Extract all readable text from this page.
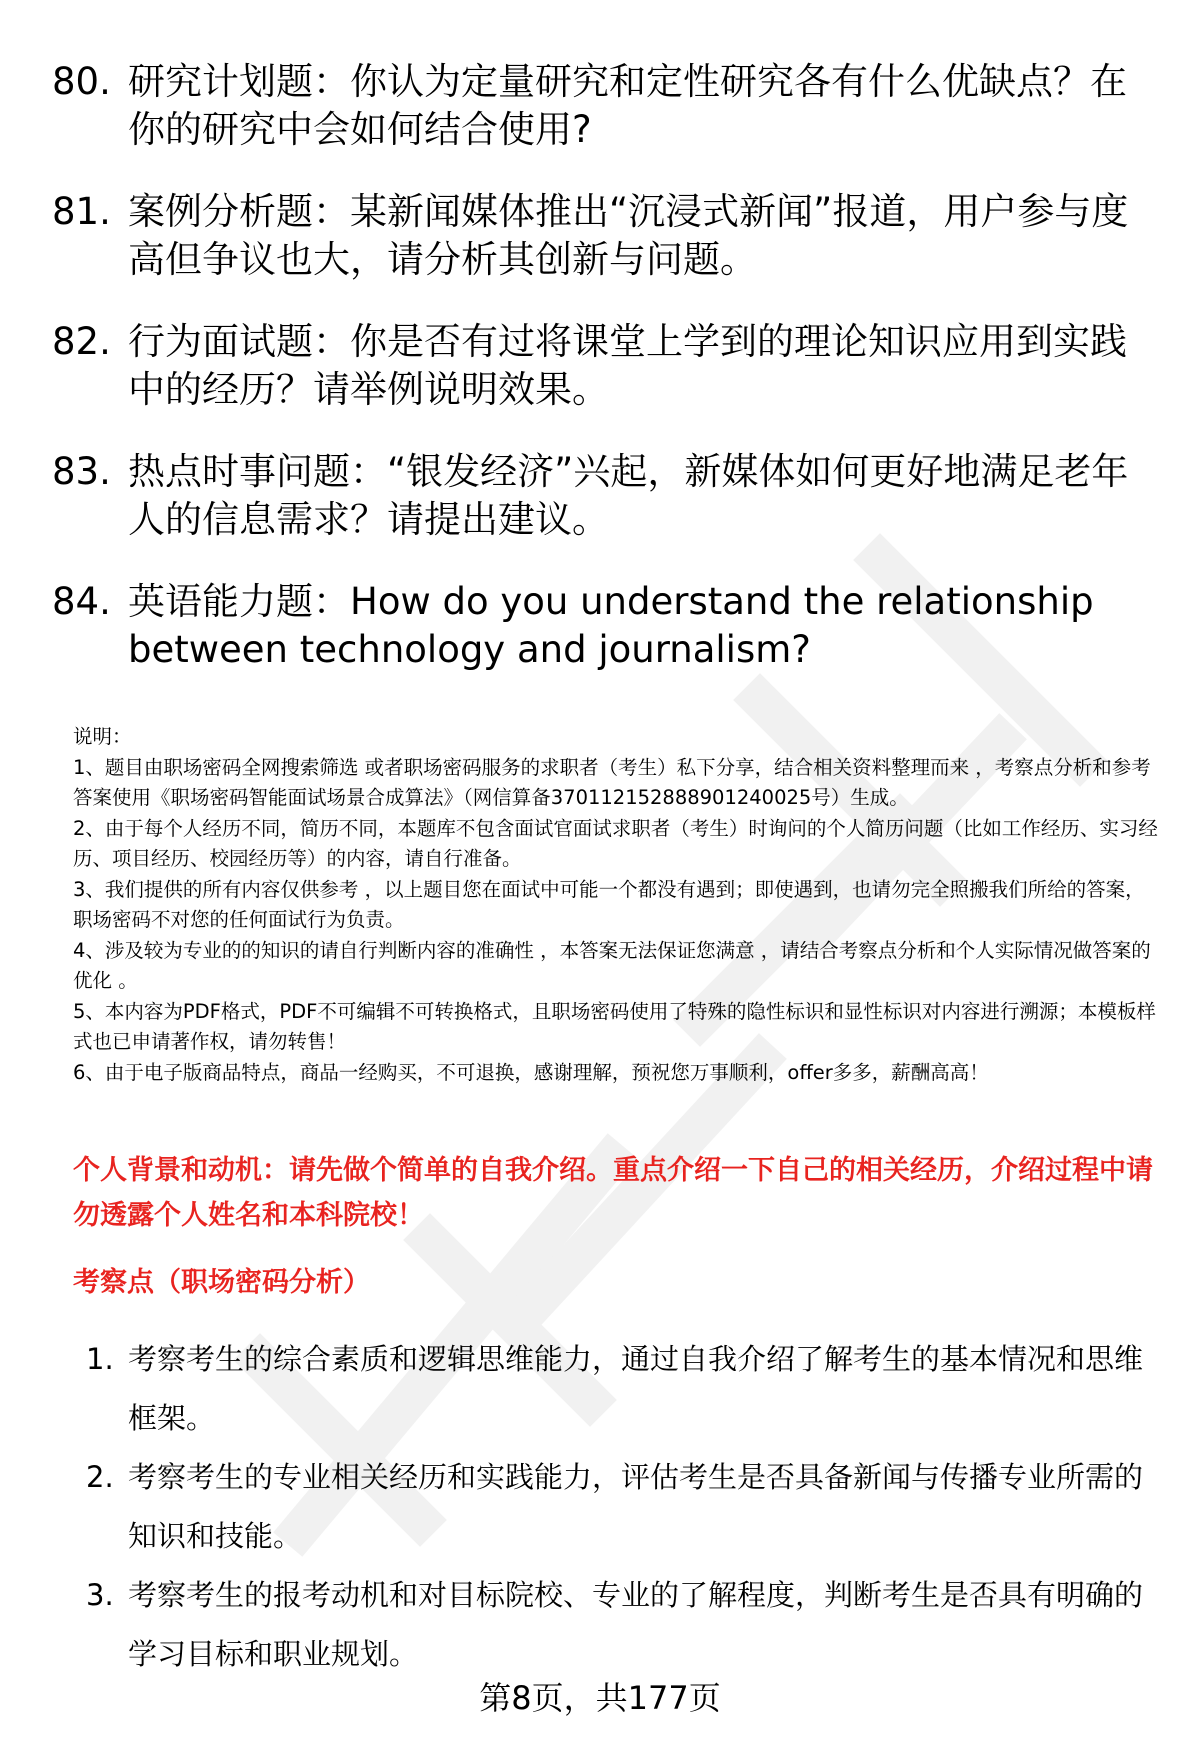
80. 研究计划题：你认为定量研究和定性研究各有什么优缺点？在你的研究中会如何结合使用?
81. 案例分析题：某新闻媒体推出“沉浸式新闻”报道，用户参与度高但争议也大，请分析其创新与问题。
82. 行为面试题：你是否有过将课堂上学到的理论知识应用到实践中的经历？请举例说明效果。
83. 热点时事问题：“银发经济”兴起，新媒体如何更好地满足老年人的信息需求？请提出建议。
84. 英语能力题：How do you understand the relationship between technology and journalism?

说明：

1、题目由职场密码全网搜索筛选 或者职场密码服务的求职者（考生）私下分享，结合相关资料整理而来 ，考察点分析和参考答案使用《职场密码智能面试场景合成算法》（网信算备370112152888901240025号）生成。

2、由于每个人经历不同，简历不同，本题库不包含面试官面试求职者（考生）时询问的个人简历问题（比如工作经历、实习经历、项目经历、校园经历等）的内容，请自行准备。

3、我们提供的所有内容仅供参考 ，以上题目您在面试中可能一个都没有遇到；即使遇到，也请勿完全照搬我们所给的答案，职场密码不对您的任何面试行为负责。

4、涉及较为专业的的知识的请自行判断内容的准确性 ，本答案无法保证您满意 ，请结合考察点分析和个人实际情况做答案的优化 。

5、本内容为PDF格式，PDF不可编辑不可转换格式，且职场密码使用了特殊的隐性标识和显性标识对内容进行溯源；本模板样式也已申请著作权，请勿转售！

6、由于电子版商品特点，商品一经购买，不可退换，感谢理解，预祝您万事顺利，offer多多，薪酬高高！

个人背景和动机：请先做个简单的自我介绍。重点介绍一下自己的相关经历，介绍过程中请勿透露个人姓名和本科院校！
考察点（职场密码分析）
1. 考察考生的综合素质和逻辑思维能力，通过自我介绍了解考生的基本情况和思维框架。
2. 考察考生的专业相关经历和实践能力，评估考生是否具备新闻与传播专业所需的知识和技能。
3. 考察考生的报考动机和对目标院校、专业的了解程度，判断考生是否具有明确的学习目标和职业规划。
第8页，共177页
